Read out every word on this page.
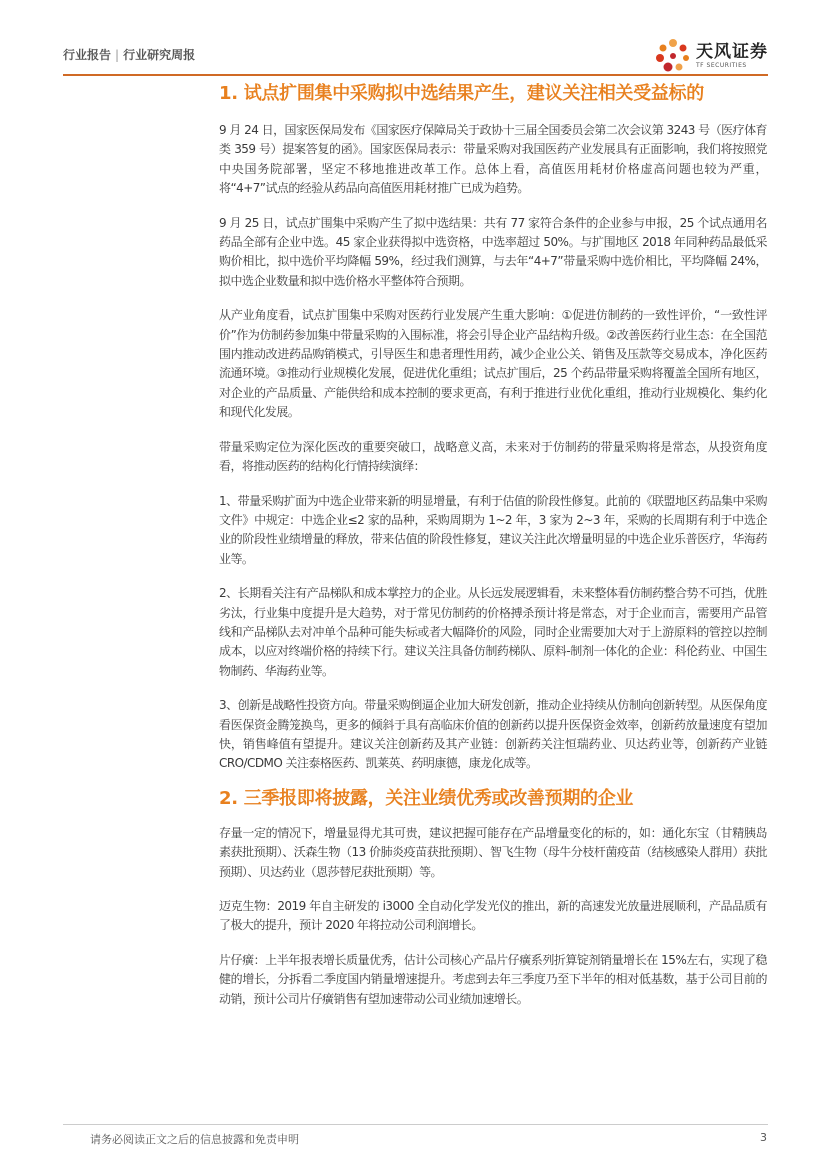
行业报告 | 行业研究周报	天风证券
TF SECURITIES
1. 试点扩围集中采购拟中选结果产生，建议关注相关受益标的

9 月 24 日，国家医保局发布《国家医疗保障局关于政协十三届全国委员会第二次会议第 3243 号（医疗体育类 359 号）提案答复的函》。国家医保局表示：带量采购对我国医药产业发展具有正面影响，我们将按照党中央国务院部署，坚定不移地推进改革工作。总体上看，高值医用耗材价格虚高问题也较为严重，将“4+7”试点的经验从药品向高值医用耗材推广已成为趋势。

9 月 25 日，试点扩围集中采购产生了拟中选结果：共有 77 家符合条件的企业参与申报，25 个试点通用名药品全部有企业中选。45 家企业获得拟中选资格，中选率超过 50%。与扩围地区 2018 年同种药品最低采购价相比，拟中选价平均降幅 59%，经过我们测算，与去年“4+7”带量采购中选价相比，平均降幅 24%，拟中选企业数量和拟中选价格水平整体符合预期。

从产业角度看，试点扩围集中采购对医药行业发展产生重大影响：①促进仿制药的一致性评价，“一致性评价”作为仿制药参加集中带量采购的入围标准，将会引导企业产品结构升级。②改善医药行业生态：在全国范围内推动改进药品购销模式，引导医生和患者理性用药，减少企业公关、销售及压款等交易成本，净化医药流通环境。③推动行业规模化发展，促进优化重组；试点扩围后，25 个药品带量采购将覆盖全国所有地区，对企业的产品质量、产能供给和成本控制的要求更高，有利于推进行业优化重组，推动行业规模化、集约化和现代化发展。

带量采购定位为深化医改的重要突破口，战略意义高，未来对于仿制药的带量采购将是常态，从投资角度看，将推动医药的结构化行情持续演绎：

1、带量采购扩面为中选企业带来新的明显增量，有利于估值的阶段性修复。此前的《联盟地区药品集中采购文件》中规定：中选企业≤2 家的品种，采购周期为 1~2 年，3 家为 2~3 年，采购的长周期有利于中选企业的阶段性业绩增量的释放，带来估值的阶段性修复，建议关注此次增量明显的中选企业乐普医疗，华海药业等。

2、长期看关注有产品梯队和成本掌控力的企业。从长远发展逻辑看，未来整体看仿制药整合势不可挡，优胜劣汰，行业集中度提升是大趋势，对于常见仿制药的价格搏杀预计将是常态，对于企业而言，需要用产品管线和产品梯队去对冲单个品种可能失标或者大幅降价的风险，同时企业需要加大对于上游原料的管控以控制成本，以应对终端价格的持续下行。建议关注具备仿制药梯队、原料-制剂一体化的企业：科伦药业、中国生物制药、华海药业等。

3、创新是战略性投资方向。带量采购倒逼企业加大研发创新，推动企业持续从仿制向创新转型。从医保角度看医保资金腾笼换鸟，更多的倾斜于具有高临床价值的创新药以提升医保资金效率，创新药放量速度有望加快，销售峰值有望提升。建议关注创新药及其产业链：创新药关注恒瑞药业、贝达药业等，创新药产业链 CRO/CDMO 关注泰格医药、凯莱英、药明康德，康龙化成等。

2. 三季报即将披露，关注业绩优秀或改善预期的企业

存量一定的情况下，增量显得尤其可贵，建议把握可能存在产品增量变化的标的，如：通化东宝（甘精胰岛素获批预期）、沃森生物（13 价肺炎疫苗获批预期）、智飞生物（母牛分枝杆菌疫苗（结核感染人群用）获批预期）、贝达药业（恩莎替尼获批预期）等。

迈克生物：2019 年自主研发的 i3000 全自动化学发光仪的推出，新的高速发光放量进展顺利，产品品质有了极大的提升，预计 2020 年将拉动公司利润增长。

片仔癀：上半年报表增长质量优秀，估计公司核心产品片仔癀系列折算锭剂销量增长在 15%左右，实现了稳健的增长，分拆看二季度国内销量增速提升。考虑到去年三季度乃至下半年的相对低基数，基于公司目前的动销，预计公司片仔癀销售有望加速带动公司业绩加速增长。

请务必阅读正文之后的信息披露和免责申明	3
